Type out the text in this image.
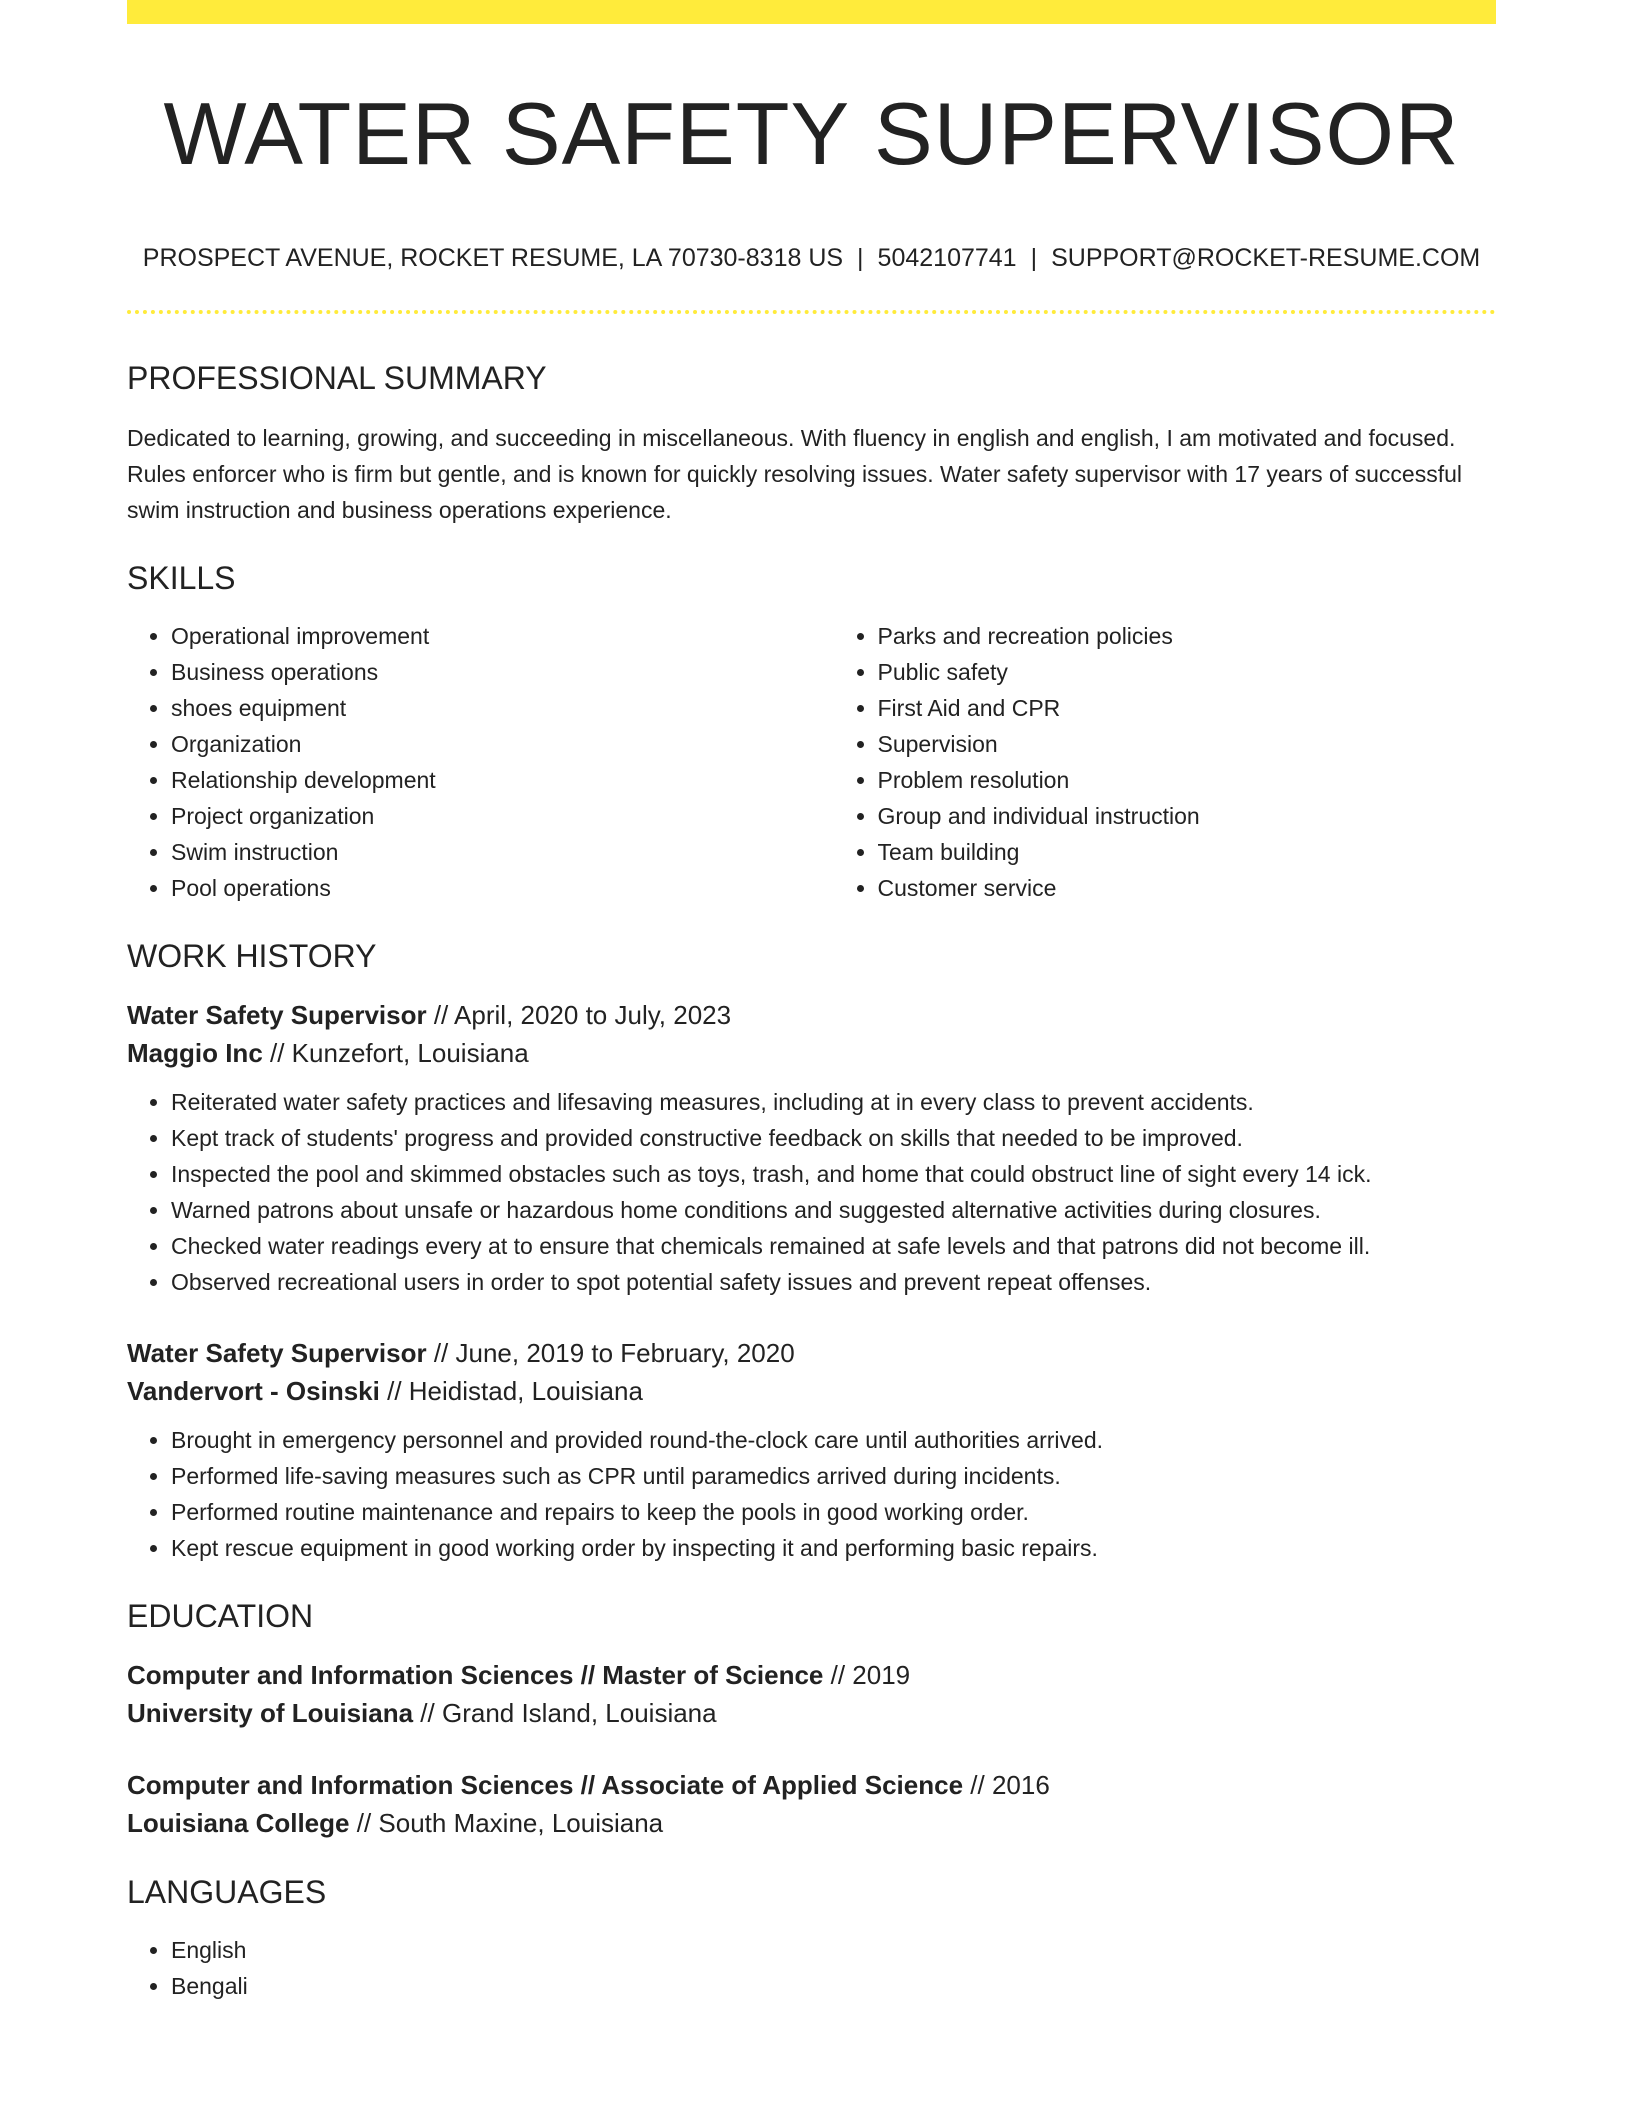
WATER SAFETY SUPERVISOR
PROSPECT AVENUE, ROCKET RESUME, LA 70730-8318 US | 5042107741 | SUPPORT@ROCKET-RESUME.COM
PROFESSIONAL SUMMARY
Dedicated to learning, growing, and succeeding in miscellaneous. With fluency in english and english, I am motivated and focused. Rules enforcer who is firm but gentle, and is known for quickly resolving issues. Water safety supervisor with 17 years of successful swim instruction and business operations experience.
SKILLS
• Operational improvement
• Business operations
• shoes equipment
• Organization
• Relationship development
• Project organization
• Swim instruction
• Pool operations
• Parks and recreation policies
• Public safety
• First Aid and CPR
• Supervision
• Problem resolution
• Group and individual instruction
• Team building
• Customer service
WORK HISTORY
Water Safety Supervisor // April, 2020 to July, 2023
Maggio Inc // Kunzefort, Louisiana
• Reiterated water safety practices and lifesaving measures, including at in every class to prevent accidents.
• Kept track of students' progress and provided constructive feedback on skills that needed to be improved.
• Inspected the pool and skimmed obstacles such as toys, trash, and home that could obstruct line of sight every 14 ick.
• Warned patrons about unsafe or hazardous home conditions and suggested alternative activities during closures.
• Checked water readings every at to ensure that chemicals remained at safe levels and that patrons did not become ill.
• Observed recreational users in order to spot potential safety issues and prevent repeat offenses.
Water Safety Supervisor // June, 2019 to February, 2020
Vandervort - Osinski // Heidistad, Louisiana
• Brought in emergency personnel and provided round-the-clock care until authorities arrived.
• Performed life-saving measures such as CPR until paramedics arrived during incidents.
• Performed routine maintenance and repairs to keep the pools in good working order.
• Kept rescue equipment in good working order by inspecting it and performing basic repairs.
EDUCATION
Computer and Information Sciences // Master of Science // 2019
University of Louisiana // Grand Island, Louisiana
Computer and Information Sciences // Associate of Applied Science // 2016
Louisiana College // South Maxine, Louisiana
LANGUAGES
• English
• Bengali
